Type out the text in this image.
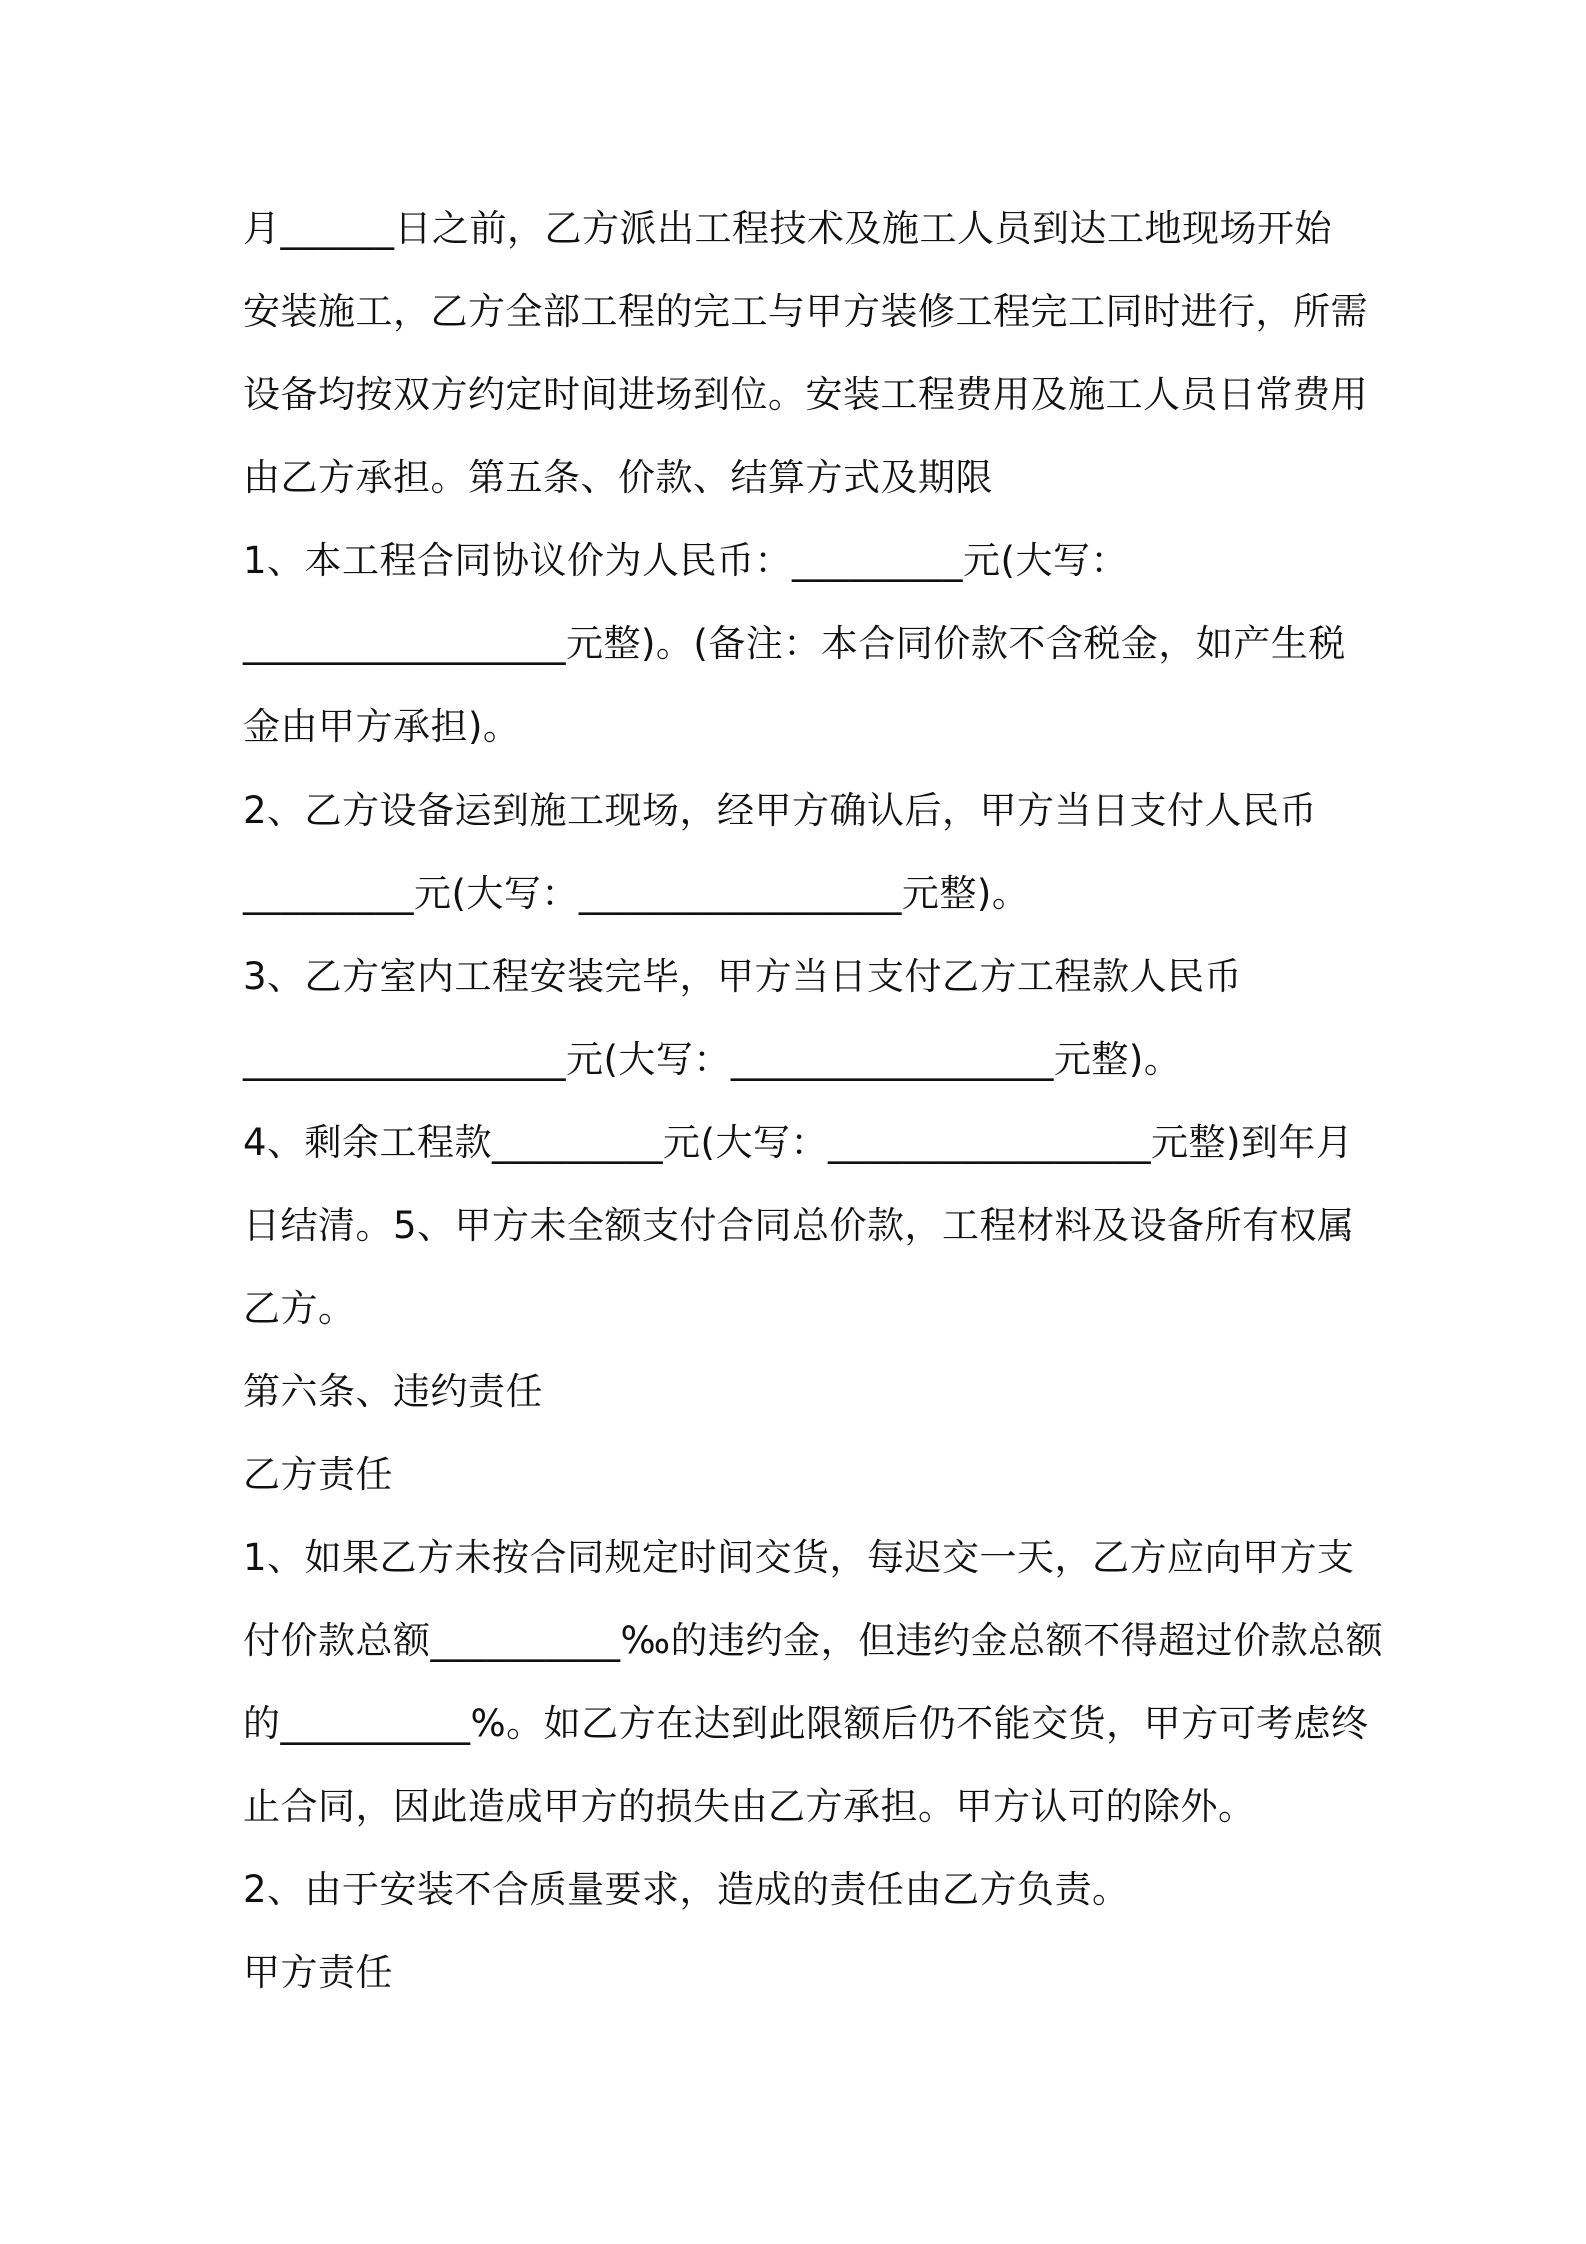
月______日之前，乙方派出工程技术及施工人员到达工地现场开始
安装施工，乙方全部工程的完工与甲方装修工程完工同时进行，所需
设备均按双方约定时间进场到位。安装工程费用及施工人员日常费用
由乙方承担。第五条、价款、结算方式及期限
1、本工程合同协议价为人民币：_________元(大写：
_________________元整)。(备注：本合同价款不含税金，如产生税
金由甲方承担)。
2、乙方设备运到施工现场，经甲方确认后，甲方当日支付人民币
_________元(大写：_________________元整)。
3、乙方室内工程安装完毕，甲方当日支付乙方工程款人民币
_________________元(大写：_________________元整)。
4、剩余工程款_________元(大写：_________________元整)到年月
日结清。5、甲方未全额支付合同总价款，工程材料及设备所有权属
乙方。
第六条、违约责任
乙方责任
1、如果乙方未按合同规定时间交货，每迟交一天，乙方应向甲方支
付价款总额__________‰的违约金，但违约金总额不得超过价款总额
的__________%。如乙方在达到此限额后仍不能交货，甲方可考虑终
止合同，因此造成甲方的损失由乙方承担。甲方认可的除外。
2、由于安装不合质量要求，造成的责任由乙方负责。
甲方责任
